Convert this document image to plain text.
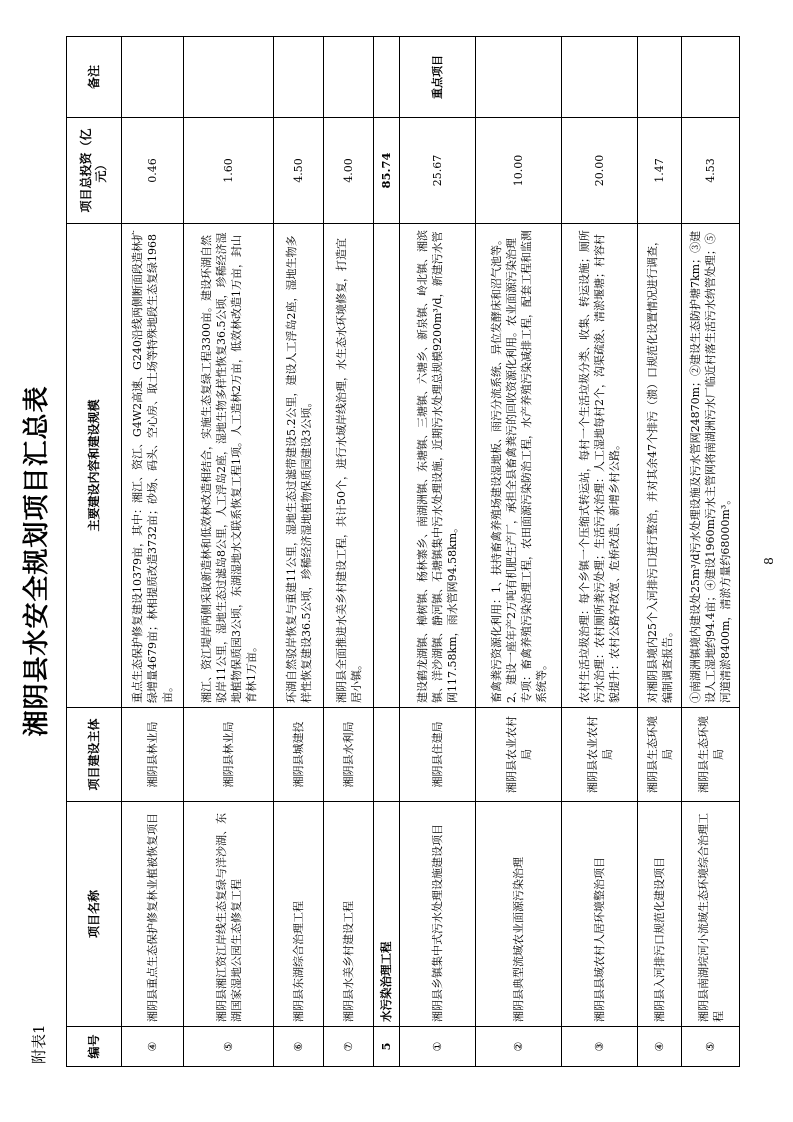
附表1
湘阴县水安全规划项目汇总表
编号	项目名称	项目建设主体	主要建设内容和建设规模	项目总投资（亿元）	备注
④	湘阴县重点生态保护修复林业植被恢复项目	湘阴县林业局	重点生态保护修复建设10379亩，其中：湘江、资江、G4W2高速、G240沿线两侧断面段造林扩绿增量4679亩；林相提质改造3732亩；砂场、码头、空心房、取土场等特殊地段生态复绿1968亩。	0.46	
⑤	湘阴县湘江资江岸线生态复绿与洋沙湖、东湖国家湿地公园生态修复工程	湘阴县林业局	湘江、资江堤岸两侧采取新造林和低效林改造相结合，实施生态复绿工程3300亩。建设环湖自然驳岸11公里，湿地生态过滤岛8公里，人工浮岛2座，湿地生物多样性恢复36.5公顷，珍稀经济湿地植物保质园3公顷，东湖湿地水文联系恢复工程1项。人工造林2万亩，低效林改造1万亩，封山育林1万亩。	1.60	
⑥	湘阴县东湖综合治理工程	湘阴县城建投	环湖自然驳岸恢复与重建11公里，湿地生态过滤带建设5.2公里，建设人工浮岛2座，湿地生物多样性恢复建设36.5公顷，珍稀经济湿地植物保质园建设3公顷。	4.50	
⑦	湘阴县水美乡村建设工程	湘阴县水利局	湘阴县全面推进水美乡村建设工程，共计50个，进行水域岸线治理，水生态水环境修复，打造宜居小镇。	4.00	
5	水污染治理工程			85.74	
①	湘阴县乡镇集中式污水处理设施建设项目	湘阴县住建局	建设鹤龙湖镇、樟树镇、杨林寨乡、南湖洲镇、东塘镇、三塘镇、六塘乡、新泉镇、岭北镇、湘滨镇、洋沙湖镇、静河镇、石塘镇集中污水处理设施，近期污水处理总规模9200m³/d，新建污水管网117.58km，雨水管网94.58km。	25.67	重点项目
②	湘阴县典型流域农业面源污染治理	湘阴县农业农村局	畜禽粪污资源化利用：1、扶持畜禽养殖场建设湿地板、雨污分流系统、异位发酵床和沼气池等。2、建设一座年产2万吨有机肥生产厂，承担全县畜禽粪污的回收资源化利用。农业面源污染治理专项：畜禽养殖污染治理工程，农田面源污染防治工程，水产养殖污染减排工程，配套工程和监测系统等。	10.00	
③	湘阴县县域农村人居环境整治项目	湘阴县农业农村局	农村生活垃圾治理：每个乡镇一个压缩式转运站，每村一个生活垃圾分类、收集、转运设施；厕所污水治理：农村厕所粪污处理；生活污水治理：人工湿地每村2个，沟渠疏浚、清淤堰塘；村容村貌提升：农村公路窄改宽、危桥改造、新增乡村公路。	20.00	
④	湘阴县入河排污口规范化建设项目	湘阴县生态环境局	对湘阴县境内25个入河排污口进行整治，并对其余47个排污（溃）口规范化设置情况进行调查，编制调查报告。	1.47	
⑤	湘阴县南湖垸河小流域生态环境综合治理工程	湘阴县生态环境局	①南湖洲镇境内建设处25m³/d污水处理设施及污水管网24870m；②建设生态防护塘7km；③建设人工湿地约94.4亩；④建设1960m污水主管网将南湖洲污水厂临近村落生活污水纳管处理；⑤河道清淤8400m，清淤方量约68000m³。	4.53	
8
